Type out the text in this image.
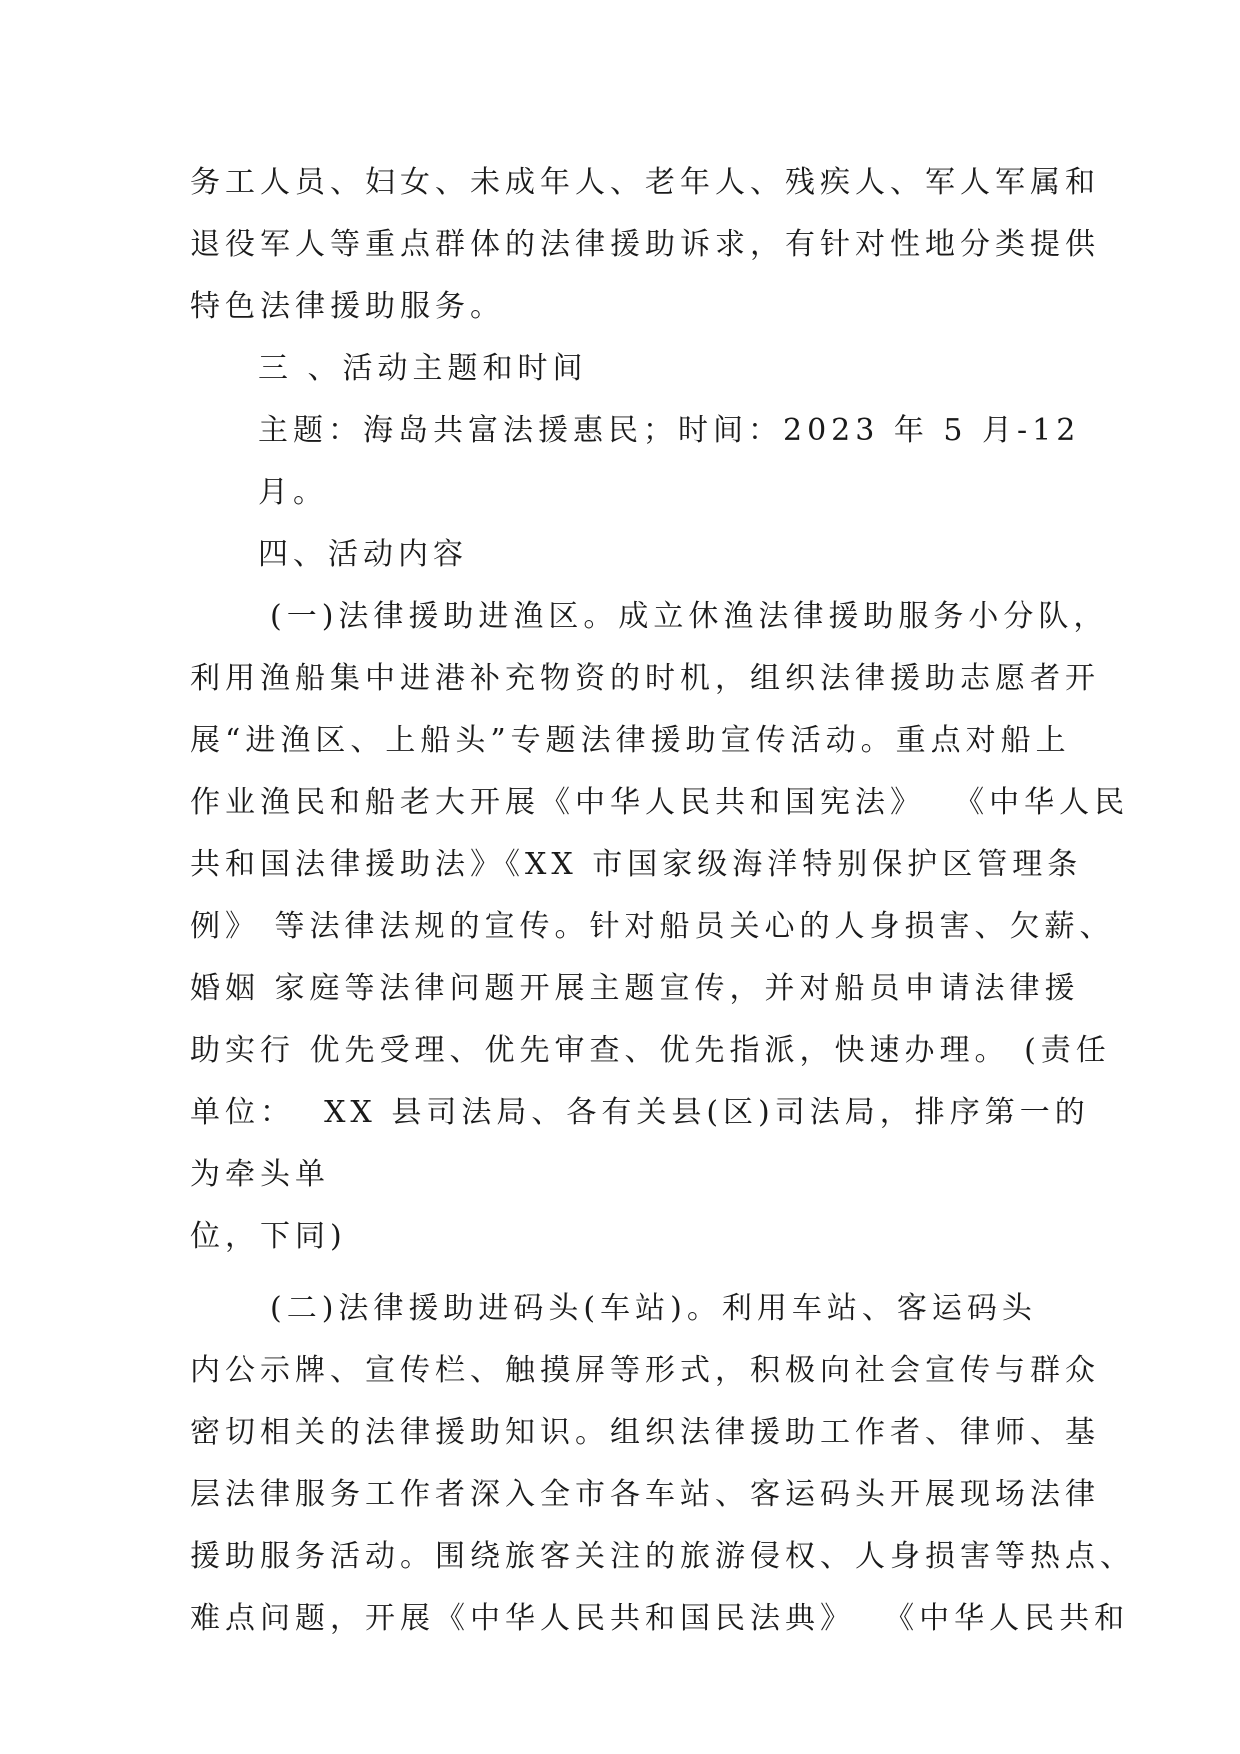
务工人员、妇女、未成年人、老年人、残疾人、军人军属和
退役军人等重点群体的法律援助诉求，有针对性地分类提供
特色法律援助服务。
三 、活动主题和时间
主题：海岛共富法援惠民；时间：2023 年 5 月-12
月。
四、活动内容
(一)法律援助进渔区。成立休渔法律援助服务小分队，
利用渔船集中进港补充物资的时机，组织法律援助志愿者开
展“进渔区、上船头”专题法律援助宣传活动。重点对船上
作业渔民和船老大开展《中华人民共和国宪法》  《中华人民
共和国法律援助法》《XX 市国家级海洋特别保护区管理条
例》 等法律法规的宣传。针对船员关心的人身损害、欠薪、
婚姻 家庭等法律问题开展主题宣传，并对船员申请法律援
助实行 优先受理、优先审查、优先指派，快速办理。 (责任
单位：  XX 县司法局、各有关县(区)司法局，排序第一的
为牵头单
位，下同)
(二)法律援助进码头(车站)。利用车站、客运码头
内公示牌、宣传栏、触摸屏等形式，积极向社会宣传与群众
密切相关的法律援助知识。组织法律援助工作者、律师、基
层法律服务工作者深入全市各车站、客运码头开展现场法律
援助服务活动。围绕旅客关注的旅游侵权、人身损害等热点、
难点问题，开展《中华人民共和国民法典》  《中华人民共和
